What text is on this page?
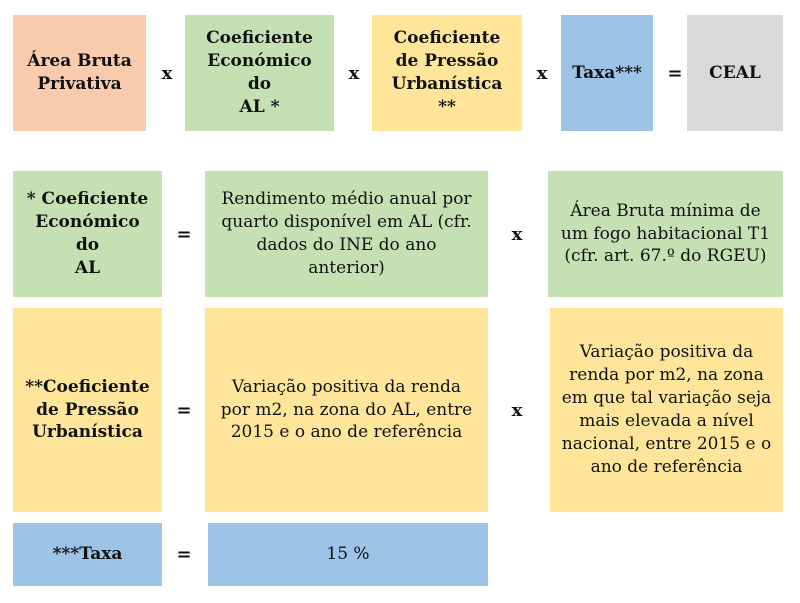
Área Bruta
Privativa
x
Coeficiente
Económico do
AL *
x
Coeficiente
de Pressão
Urbanística **
x	Taxa***	=	CEAL
* Coeficiente
Económico do
AL
=
Rendimento médio anual por
quarto disponível em AL (cfr.
dados do INE do ano
anterior)
x
Área Bruta mínima de
um fogo habitacional T1
(cfr. art. 67.º do RGEU)
**Coeficiente
de Pressão
Urbanística
=
Variação positiva da renda
por m2, na zona do AL, entre
2015 e o ano de referência
x
Variação positiva da
renda por m2, na zona
em que tal variação seja
mais elevada a nível
nacional, entre 2015 e o
ano de referência
***Taxa	=	15 %
